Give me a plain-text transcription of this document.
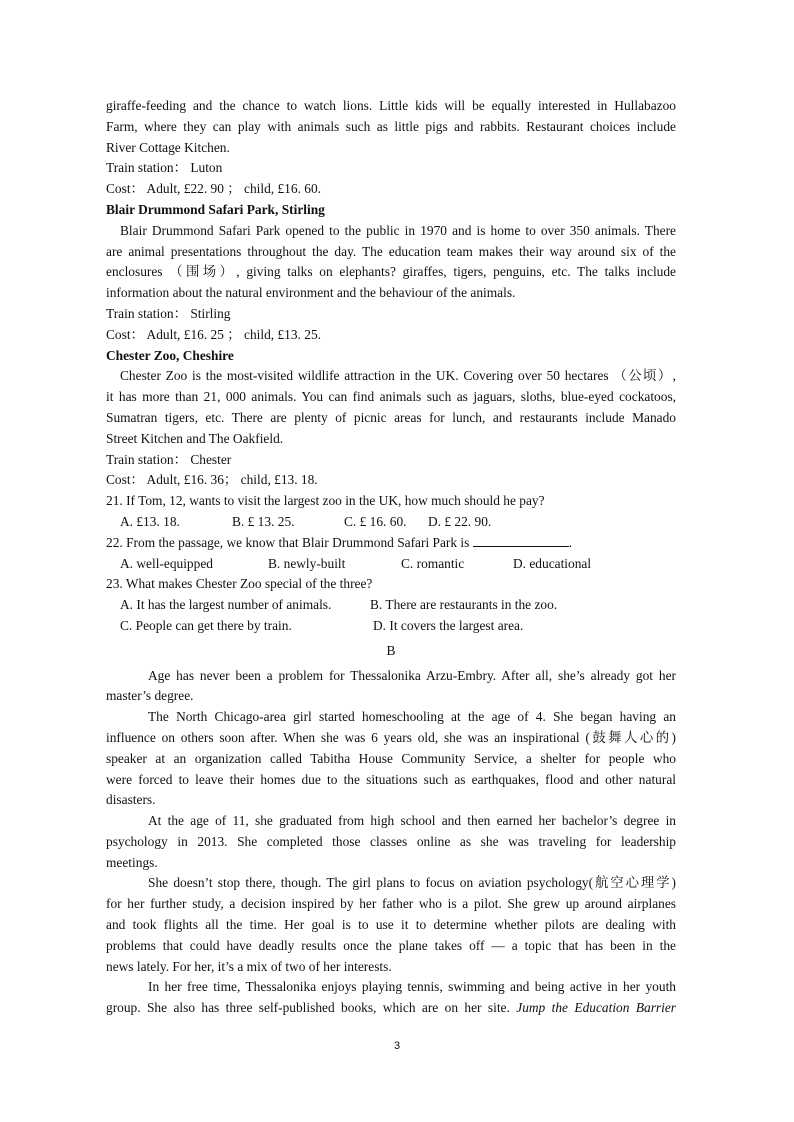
giraffe-feeding and the chance to watch lions. Little kids will be equally interested in Hullabazoo
Farm, where they can play with animals such as little pigs and rabbits. Restaurant choices include
River Cottage Kitchen.
Train station： Luton
Cost： Adult, £22. 90 ； child, £16. 60.
Blair Drummond Safari Park, Stirling
Blair Drummond Safari Park opened to the public in 1970 and is home to over 350 animals. There
are animal presentations throughout the day. The education team makes their way around six of the
enclosures （围场）, giving talks on elephants? giraffes, tigers, penguins, etc. The talks include
information about the natural environment and the behaviour of the animals.
Train station： Stirling
Cost： Adult, £16. 25 ； child, £13. 25.
Chester Zoo, Cheshire
Chester Zoo is the most-visited wildlife attraction in the UK. Covering over 50 hectares （公顷）,
it has more than 21, 000 animals. You can find animals such as jaguars, sloths, blue-eyed cockatoos,
Sumatran tigers, etc. There are plenty of picnic areas for lunch, and restaurants include Manado
Street Kitchen and The Oakfield.
Train station： Chester
Cost： Adult, £16. 36； child, £13. 18.
21. If Tom, 12, wants to visit the largest zoo in the UK, how much should he pay?
A. £13. 18.	B. £ 13. 25.	C. £ 16. 60. D. £ 22. 90.
22. From the passage, we know that Blair Drummond Safari Park is	.
A. well-equipped	B. newly-built	C. romantic	D. educational
23. What makes Chester Zoo special of the three?
A. It has the largest number of animals.	B. There are restaurants in the zoo.
C. People can get there by train.	D. It covers the largest area.
B
Age has never been a problem for Thessalonika Arzu-Embry. After all, she’s already got her
master’s degree.
The North Chicago-area girl started homeschooling at the age of 4. She began having an
influence on others soon after. When she was 6 years old, she was an inspirational (鼓舞人心的)
speaker at an organization called Tabitha House Community Service, a shelter for people who
were forced to leave their homes due to the situations such as earthquakes, flood and other natural
disasters.
At the age of 11, she graduated from high school and then earned her bachelor’s degree in
psychology in 2013. She completed those classes online as she was traveling for leadership
meetings.
She doesn’t stop there, though. The girl plans to focus on aviation psychology(航空心理学)
for her further study, a decision inspired by her father who is a pilot. She grew up around airplanes
and took flights all the time. Her goal is to use it to determine whether pilots are dealing with
problems that could have deadly results once the plane takes off — a topic that has been in the
news lately. For her, it’s a mix of two of her interests.
In her free time, Thessalonika enjoys playing tennis, swimming and being active in her youth
group. She also has three self-published books, which are on her site. Jump the Education Barrier
3
